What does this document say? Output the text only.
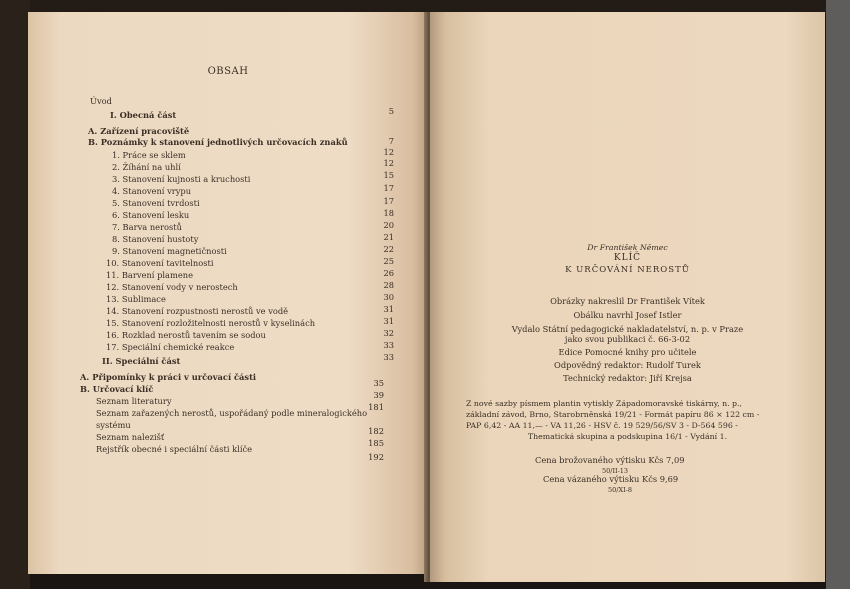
OBSAH
Úvod
5
I. Obecná část
A. Zařízení pracoviště
7
B. Poznámky k stanovení jednotlivých určovacích znaků
12
1. Práce se sklem
12
2. Žíhání na uhlí
15
3. Stanovení kujnosti a kruchosti
17
4. Stanovení vrypu
17
5. Stanovení tvrdosti
18
6. Stanovení lesku
20
7. Barva nerostů
21
8. Stanovení hustoty
22
9. Stanovení magnetičnosti
25
10. Stanovení tavitelnosti
26
11. Barvení plamene
28
12. Stanovení vody v nerostech
30
13. Sublimace
31
14. Stanovení rozpustnosti nerostů ve vodě
31
15. Stanovení rozložitelnosti nerostů v kyselinách
32
16. Rozklad nerostů tavením se sodou
33
17. Speciální chemické reakce
33
II. Speciální část
A. Připomínky k práci v určovací části
35
B. Určovací klíč
39
Seznam literatury
181
Seznam zařazených nerostů, uspořádaný podle mineralogického
systému
182
Seznam nalezišť
185
Rejstřík obecné i speciální části klíče
192
Dr František Němec
KLÍČ
K URČOVÁNÍ NEROSTŮ
Obrázky nakreslil Dr František Vítek
Obálku navrhl Josef Istler
Vydalo Státní pedagogické nakladatelství, n. p. v Praze
jako svou publikaci č. 66-3-02
Edice Pomocné knihy pro učitele
Odpovědný redaktor: Rudolf Turek
Technický redaktor: Jiří Krejsa
Z nové sazby písmem plantin vytiskly Západomoravské tiskárny, n. p.,
základní závod, Brno, Starobrněnská 19/21 - Formát papíru 86 × 122 cm -
PAP 6,42 - AA 11,— - VA 11,26 - HSV č. 19 529/56/SV 3 - D-564 596 -
Thematická skupina a podskupina 16/1 - Vydání 1.
Cena brožovaného výtisku Kčs 7,09
50/II-13
Cena vázaného výtisku Kčs 9,69
50/XI-8
